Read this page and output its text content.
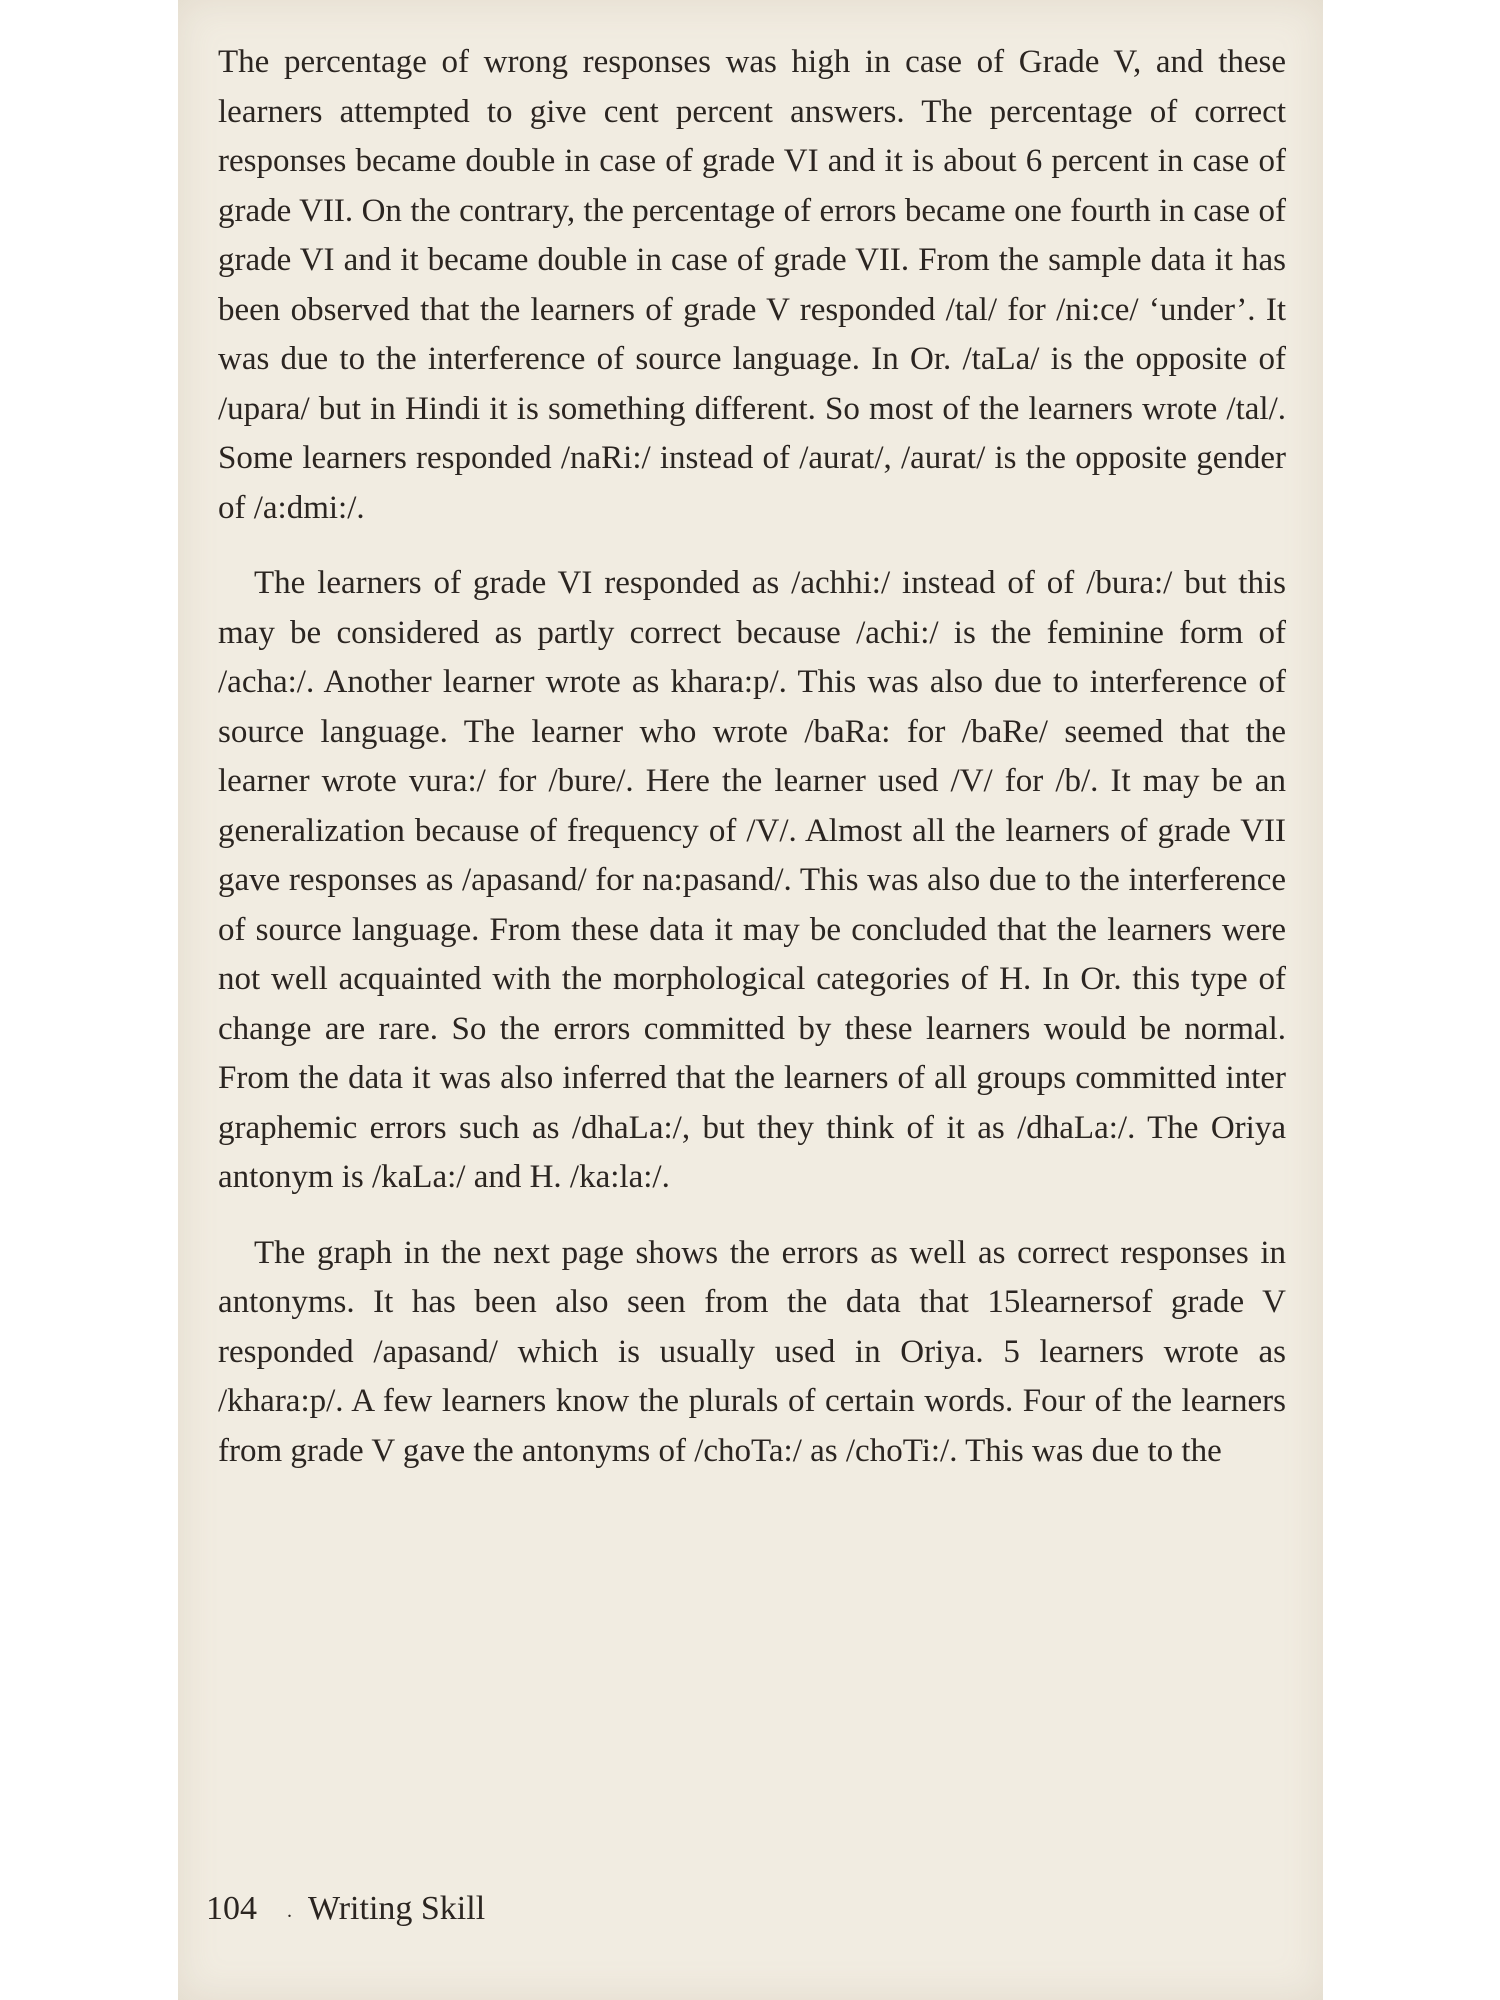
The percentage of wrong responses was high in case of Grade V, and these learners attempted to give cent percent answers. The percentage of correct responses became double in case of grade VI and it is about 6 percent in case of grade VII. On the contrary, the percentage of errors became one fourth in case of grade VI and it became double in case of grade VII. From the sample data it has been observed that the learners of grade V responded /tal/ for /ni:ce/ ‘under’. It was due to the interference of source language. In Or. /taLa/ is the opposite of /upara/ but in Hindi it is something different. So most of the learners wrote /tal/. Some learners responded /naRi:/ instead of /aurat/, /aurat/ is the opposite gender of /a:dmi:/.

The learners of grade VI responded as /achhi:/ instead of of /bura:/ but this may be considered as partly correct because /achi:/ is the feminine form of /acha:/. Another learner wrote as khara:p/. This was also due to interference of source language. The learner who wrote /baRa: for /baRe/ seemed that the learner wrote vura:/ for /bure/. Here the learner used /V/ for /b/. It may be an generalization because of frequency of /V/. Almost all the learners of grade VII gave responses as /apasand/ for na:pasand/. This was also due to the interference of source language. From these data it may be concluded that the learners were not well acquainted with the morphological categories of H. In Or. this type of change are rare. So the errors committed by these learners would be normal. From the data it was also inferred that the learners of all groups committed inter graphemic errors such as /dhaLa:/, but they think of it as /dhaLa:/. The Oriya antonym is /kaLa:/ and H. /ka:la:/.

The graph in the next page shows the errors as well as correct responses in antonyms. It has been also seen from the data that 15learnersof grade V responded /apasand/ which is usually used in Oriya. 5 learners wrote as /khara:p/. A few learners know the plurals of certain words. Four of the learners from grade V gave the antonyms of /choTa:/ as /choTi:/. This was due to the

104 . Writing Skill
